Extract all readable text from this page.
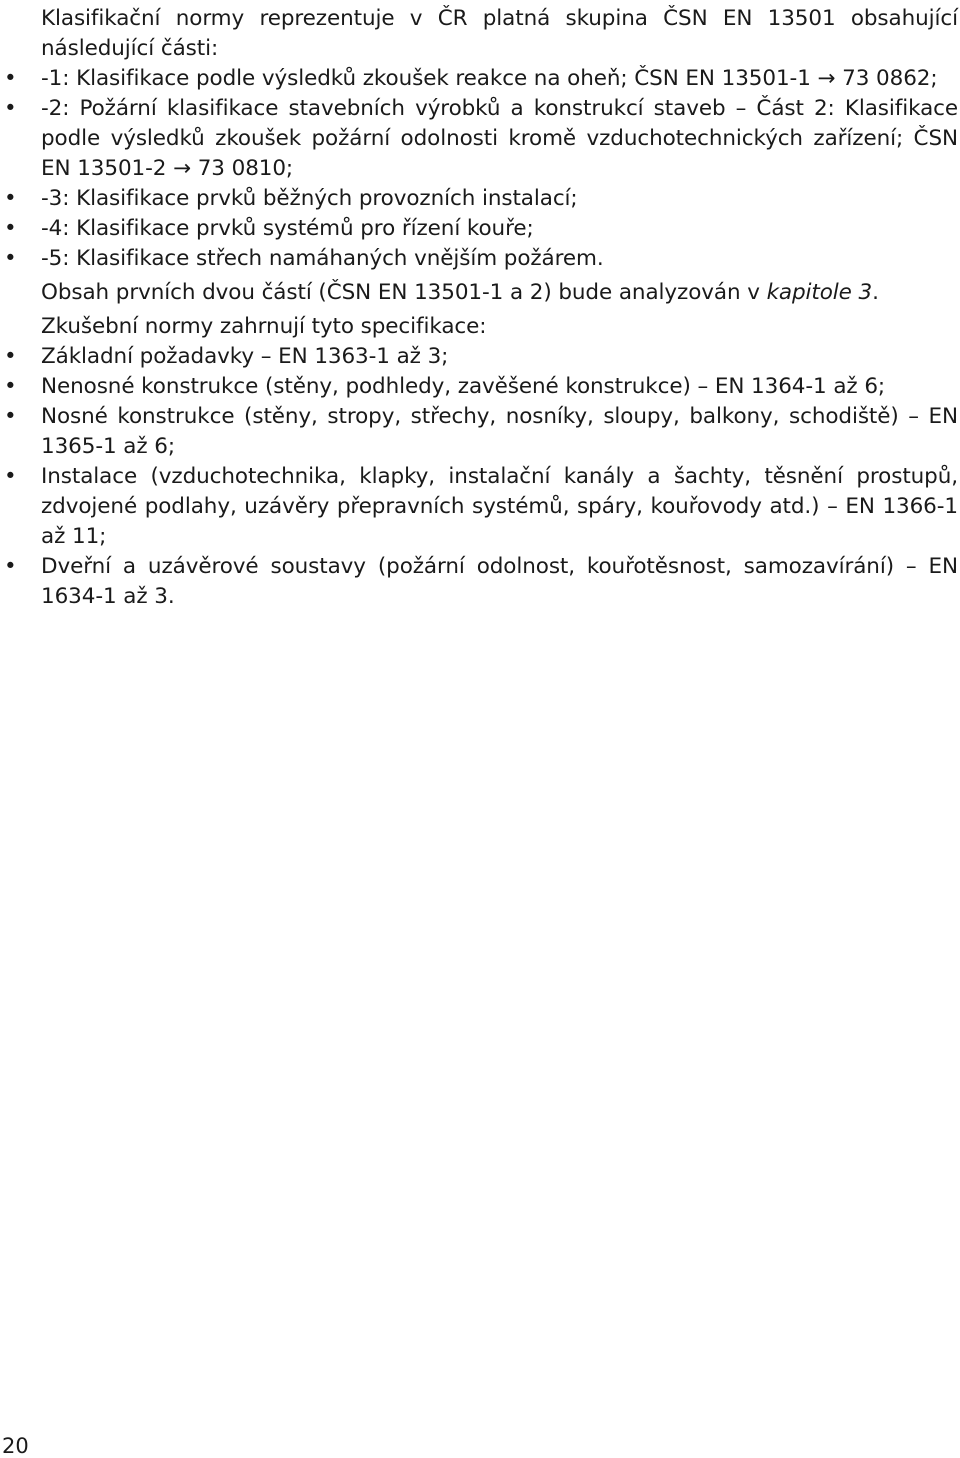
Klasifikační normy reprezentuje v ČR platná skupina ČSN EN 13501 obsahující následující části:

• -1: Klasifikace podle výsledků zkoušek reakce na oheň; ČSN EN 13501-1 → 73 0862;
• -2: Požární klasifikace stavebních výrobků a konstrukcí staveb – Část 2: Klasifikace podle výsledků zkoušek požární odolnosti kromě vzduchotechnických zařízení; ČSN EN 13501-2 → 73 0810;
• -3: Klasifikace prvků běžných provozních instalací;
• -4: Klasifikace prvků systémů pro řízení kouře;
• -5: Klasifikace střech namáhaných vnějším požárem.

Obsah prvních dvou částí (ČSN EN 13501-1 a 2) bude analyzován v kapitole 3.

Zkušební normy zahrnují tyto specifikace:

• Základní požadavky – EN 1363-1 až 3;
• Nenosné konstrukce (stěny, podhledy, zavěšené konstrukce) – EN 1364-1 až 6;
• Nosné konstrukce (stěny, stropy, střechy, nosníky, sloupy, balkony, schodiště) – EN 1365-1 až 6;
• Instalace (vzduchotechnika, klapky, instalační kanály a šachty, těsnění prostupů, zdvojené podlahy, uzávěry přepravních systémů, spáry, kouřovody atd.) – EN 1366-1 až 11;
• Dveřní a uzávěrové soustavy (požární odolnost, kouřotěsnost, samozavírání) – EN 1634-1 až 3.
20
